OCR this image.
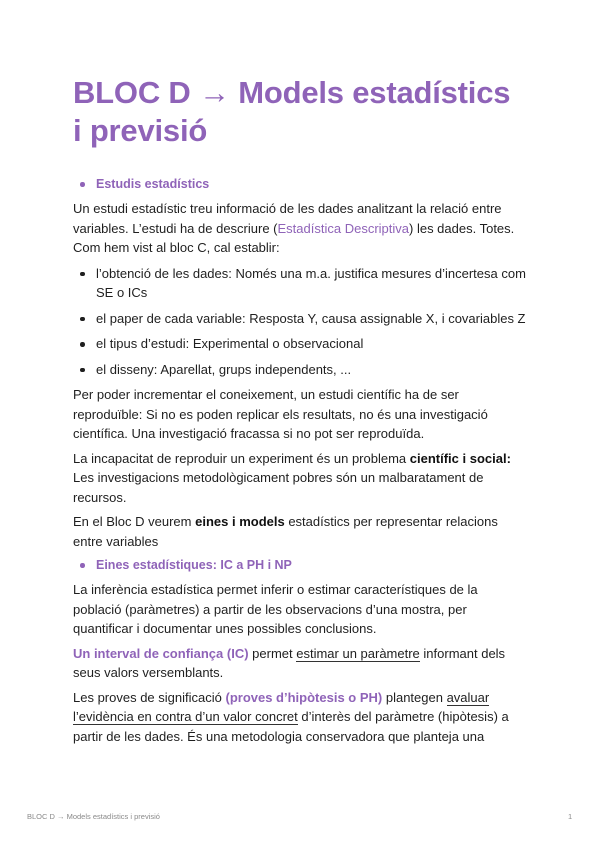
BLOC D → Models estadístics
i previsió
Estudis estadístics

Un estudi estadístic treu informació de les dades analitzant la relació entre variables. L’estudi ha de descriure (Estadística Descriptiva) les dades. Totes. Com hem vist al bloc C, cal establir:

l’obtenció de les dades: Només una m.a. justifica mesures d’incertesa com SE o ICs
el paper de cada variable: Resposta Y, causa assignable X, i covariables Z
el tipus d’estudi: Experimental o observacional
el disseny: Aparellat, grups independents, ...

Per poder incrementar el coneixement, un estudi científic ha de ser reproduïble: Si no es poden replicar els resultats, no és una investigació científica. Una investigació fracassa si no pot ser reproduïda.

La incapacitat de reproduir un experiment és un problema científic i social: Les investigacions metodològicament pobres són un malbaratament de recursos.

En el Bloc D veurem eines i models estadístics per representar relacions entre variables

Eines estadístiques: IC a PH i NP

La inferència estadística permet inferir o estimar característiques de la població (paràmetres) a partir de les observacions d’una mostra, per quantificar i documentar unes possibles conclusions.

Un interval de confiança (IC) permet estimar un paràmetre informant dels seus valors versemblants.

Les proves de significació (proves d’hipòtesis o PH) plantegen avaluar l’evidència en contra d’un valor concret d’interès del paràmetre (hipòtesis) a partir de les dades. És una metodologia conservadora que planteja una

BLOC D → Models estadístics i previsió	1
